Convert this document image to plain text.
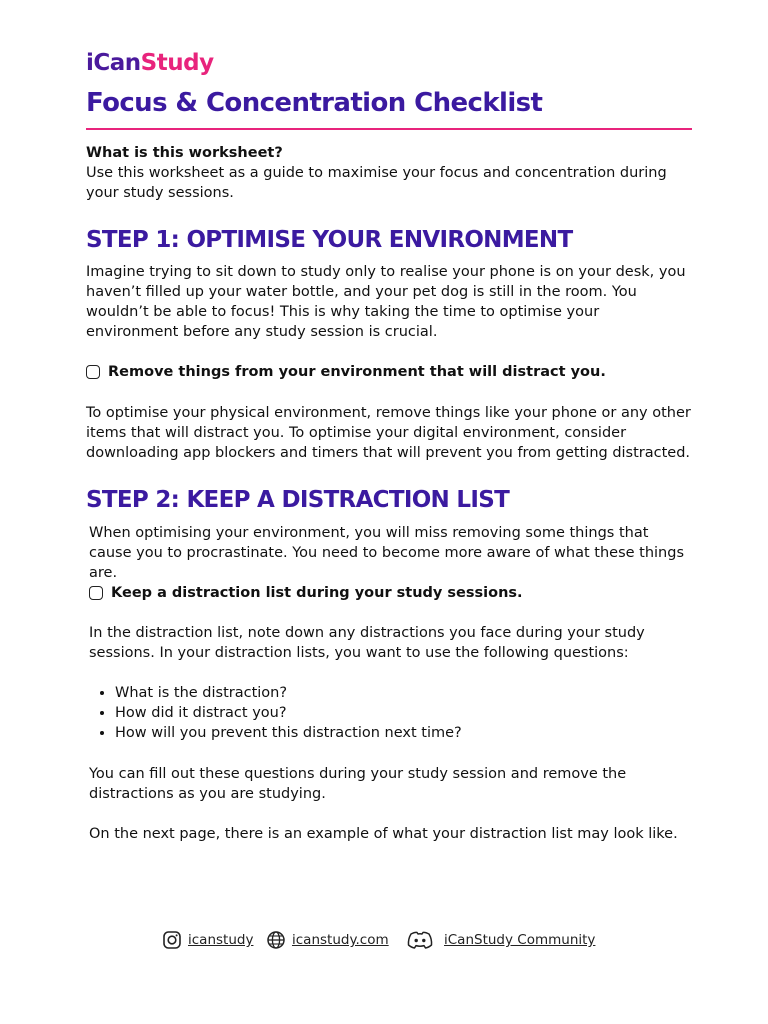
iCanStudy
Focus & Concentration Checklist
What is this worksheet?
Use this worksheet as a guide to maximise your focus and concentration during your study sessions.
STEP 1: OPTIMISE YOUR ENVIRONMENT
Imagine trying to sit down to study only to realise your phone is on your desk, you haven’t filled up your water bottle, and your pet dog is still in the room. You wouldn’t be able to focus! This is why taking the time to optimise your environment before any study session is crucial.
Remove things from your environment that will distract you.
To optimise your physical environment, remove things like your phone or any other items that will distract you. To optimise your digital environment, consider downloading app blockers and timers that will prevent you from getting distracted.
STEP 2: KEEP A DISTRACTION LIST
When optimising your environment, you will miss removing some things that cause you to procrastinate. You need to become more aware of what these things are.
Keep a distraction list during your study sessions.
In the distraction list, note down any distractions you face during your study sessions. In your distraction lists, you want to use the following questions:
• What is the distraction?
• How did it distract you?
• How will you prevent this distraction next time?
You can fill out these questions during your study session and remove the distractions as you are studying.
On the next page, there is an example of what your distraction list may look like.
icanstudy	icanstudy.com	iCanStudy Community
